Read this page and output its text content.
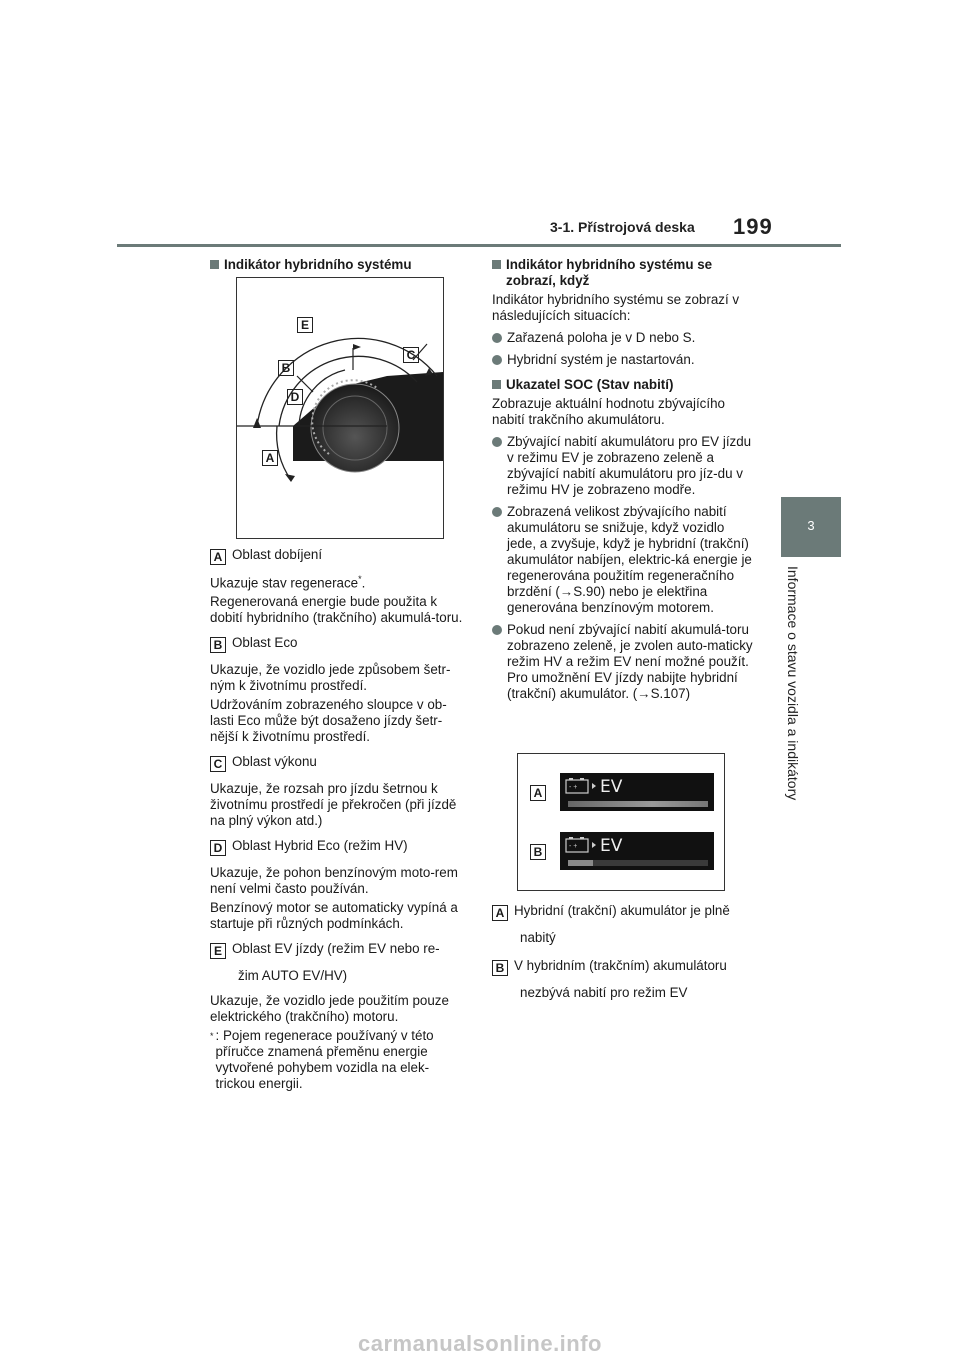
3-1. Přístrojová deska 199
3
Informace o stavu vozidla a indikátory

Indikátor hybridního systému

E
B
C
D
A

A Oblast dobíjení

Ukazuje stav regenerace*.

Regenerovaná energie bude použita k dobití hybridního (trakčního) akumulá-toru.

B Oblast Eco

Ukazuje, že vozidlo jede způsobem šetr-ným k životnímu prostředí.

Udržováním zobrazeného sloupce v ob-lasti Eco může být dosaženo jízdy šetr-nější k životnímu prostředí.

C Oblast výkonu

Ukazuje, že rozsah pro jízdu šetrnou k životnímu prostředí je překročen (při jízdě na plný výkon atd.)

D Oblast Hybrid Eco (režim HV)

Ukazuje, že pohon benzínovým moto-rem není velmi často používán.

Benzínový motor se automaticky vypíná a startuje při různých podmínkách.

E Oblast EV jízdy (režim EV nebo re-

žim AUTO EV/HV)

Ukazuje, že vozidlo jede použitím pouze elektrického (trakčního) motoru.

* : Pojem regenerace používaný v této příručce znamená přeměnu energie vytvořené pohybem vozidla na elek-trickou energii.

Indikátor hybridního systému se zobrazí, když

Indikátor hybridního systému se zobrazí v následujících situacích:

Zařazená poloha je v D nebo S.

Hybridní systém je nastartován.

Ukazatel SOC (Stav nabití)

Zobrazuje aktuální hodnotu zbývajícího nabití trakčního akumulátoru.

Zbývající nabití akumulátoru pro EV jízdu v režimu EV je zobrazeno zeleně a zbývající nabití akumulátoru pro jíz-du v režimu HV je zobrazeno modře.

Zobrazená velikost zbývajícího nabití akumulátoru se snižuje, když vozidlo jede, a zvyšuje, když je hybridní (trakční) akumulátor nabíjen, elektric-ká energie je regenerována použitím regeneračního brzdění (→S.90) nebo je elektřina generována benzínovým motorem.

Pokud není zbývající nabití akumulá-toru zobrazeno zeleně, je zvolen auto-maticky režim HV a režim EV není možné použít. Pro umožnění EV jízdy nabijte hybridní (trakční) akumulátor. (→S.107)

A
B
- + EV
- + EV

A Hybridní (trakční) akumulátor je plně

nabitý

B V hybridním (trakčním) akumulátoru

nezbývá nabití pro režim EV

carmanualsonline.info
